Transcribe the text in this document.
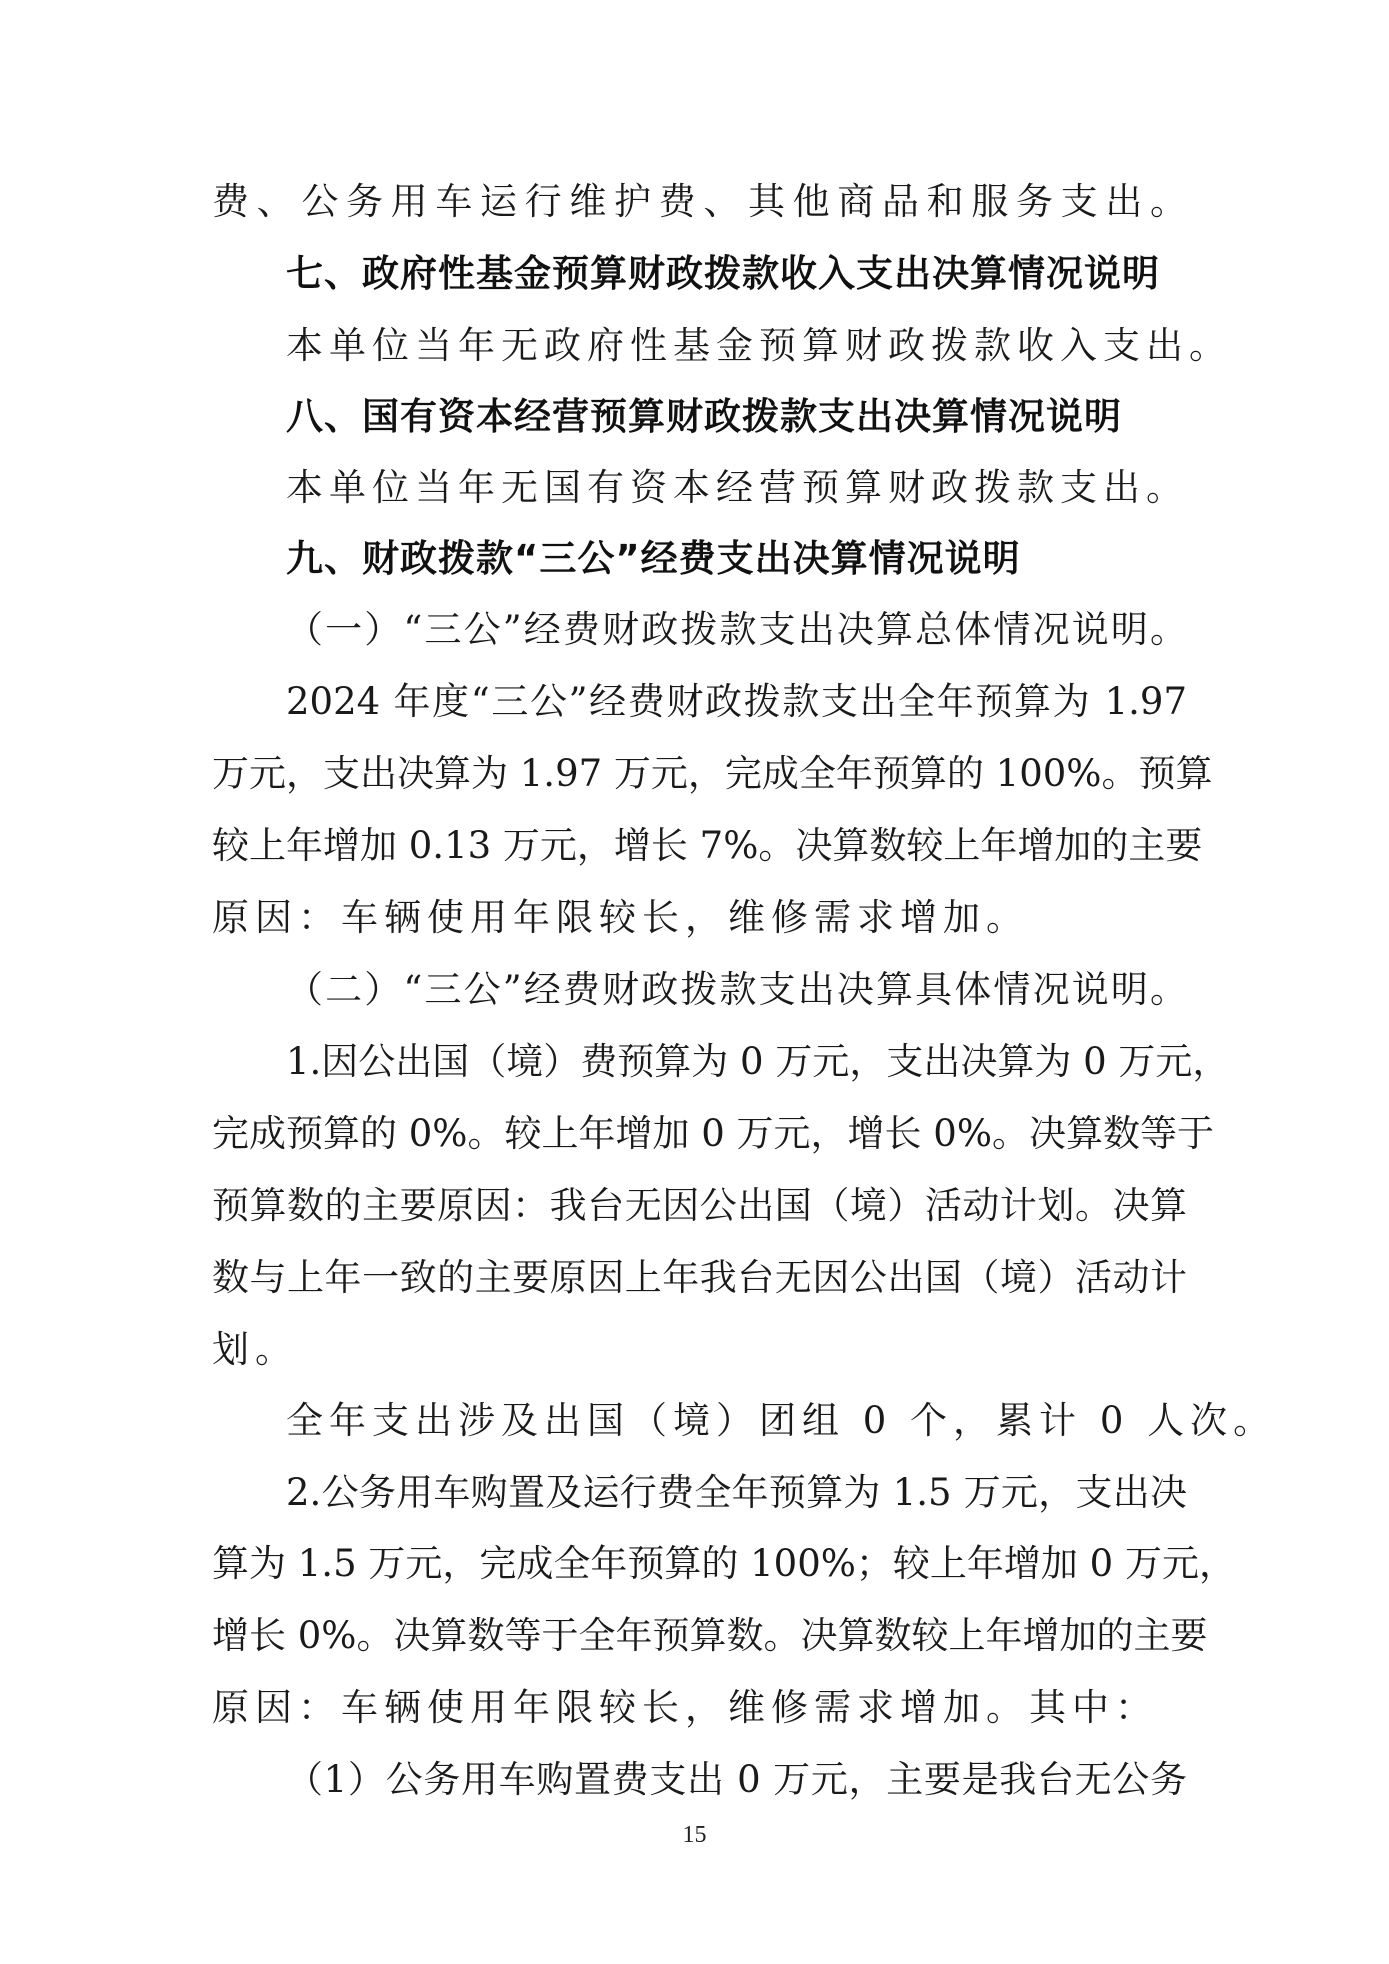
费、公务用车运行维护费、其他商品和服务支出。
七、政府性基金预算财政拨款收入支出决算情况说明
本单位当年无政府性基金预算财政拨款收入支出。
八、国有资本经营预算财政拨款支出决算情况说明
本单位当年无国有资本经营预算财政拨款支出。
九、财政拨款“三公”经费支出决算情况说明
（一）“三公”经费财政拨款支出决算总体情况说明。
2024 年度“三公”经费财政拨款支出全年预算为 1.97
万元，支出决算为 1.97 万元，完成全年预算的 100%。预算
较上年增加 0.13 万元，增长 7%。决算数较上年增加的主要
原因：车辆使用年限较长，维修需求增加。
（二）“三公”经费财政拨款支出决算具体情况说明。
1.因公出国（境）费预算为 0 万元，支出决算为 0 万元，
完成预算的 0%。较上年增加 0 万元，增长 0%。决算数等于
预算数的主要原因：我台无因公出国（境）活动计划。决算
数与上年一致的主要原因上年我台无因公出国（境）活动计
划。
全年支出涉及出国（境）团组 0 个，累计 0 人次。
2.公务用车购置及运行费全年预算为 1.5 万元，支出决
算为 1.5 万元，完成全年预算的 100%；较上年增加 0 万元，
增长 0%。决算数等于全年预算数。决算数较上年增加的主要
原因：车辆使用年限较长，维修需求增加。其中：
（1）公务用车购置费支出 0 万元，主要是我台无公务
15
